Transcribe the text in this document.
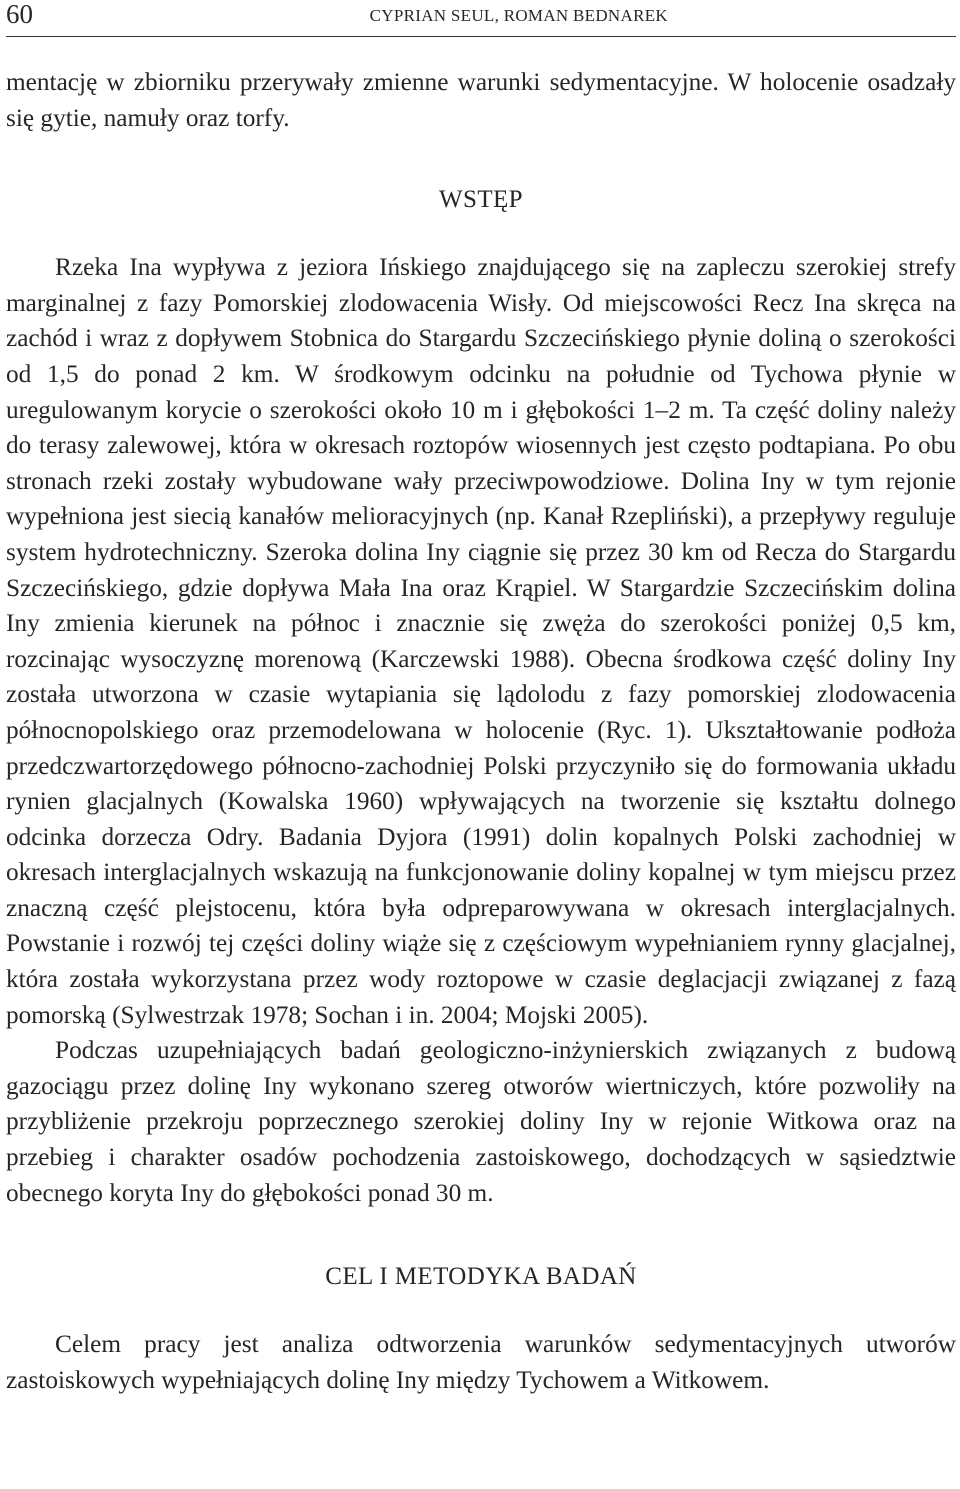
60	CYPRIAN SEUL, ROMAN BEDNAREK

mentację w zbiorniku przerywały zmienne warunki sedymentacyjne. W holocenie osadzały się gytie, namuły oraz torfy.

WSTĘP

Rzeka Ina wypływa z jeziora Ińskiego znajdującego się na zapleczu szerokiej strefy marginalnej z fazy Pomorskiej zlodowacenia Wisły. Od miejscowości Recz Ina skręca na zachód i wraz z dopływem Stobnica do Stargardu Szczecińskiego płynie doliną o szerokości od 1,5 do ponad 2 km. W środkowym odcinku na południe od Tychowa płynie w uregulowanym korycie o szerokości około 10 m i głębokości 1–2 m. Ta część doliny należy do terasy zalewowej, która w okresach roztopów wiosennych jest często podtapiana. Po obu stronach rzeki zostały wybudowane wały przeciwpowodziowe. Dolina Iny w tym rejonie wypełniona jest siecią kanałów melioracyjnych (np. Kanał Rzepliński), a przepływy reguluje system hydrotechniczny. Szeroka dolina Iny ciągnie się przez 30 km od Recza do Stargardu Szczecińskiego, gdzie dopływa Mała Ina oraz Krąpiel. W Stargardzie Szczecińskim dolina Iny zmienia kierunek na północ i znacznie się zwęża do szerokości poniżej 0,5 km, rozcinając wysoczyznę morenową (Karczewski 1988). Obecna środkowa część doliny Iny została utworzona w czasie wytapiania się lądolodu z fazy pomorskiej zlodowacenia północnopolskiego oraz przemodelowana w holocenie (Ryc. 1). Ukształtowanie podłoża przedczwartorzędowego północno-zachodniej Polski przyczyniło się do formowania układu rynien glacjalnych (Kowalska 1960) wpływających na tworzenie się kształtu dolnego odcinka dorzecza Odry. Badania Dyjora (1991) dolin kopalnych Polski zachodniej w okresach interglacjalnych wskazują na funkcjonowanie doliny kopalnej w tym miejscu przez znaczną część plejstocenu, która była odpreparowywana w okresach interglacjalnych. Powstanie i rozwój tej części doliny wiąże się z częściowym wypełnianiem rynny glacjalnej, która została wykorzystana przez wody roztopowe w czasie deglacjacji związanej z fazą pomorską (Sylwestrzak 1978; Sochan i in. 2004; Mojski 2005).

Podczas uzupełniających badań geologiczno-inżynierskich związanych z budową gazociągu przez dolinę Iny wykonano szereg otworów wiertniczych, które pozwoliły na przybliżenie przekroju poprzecznego szerokiej doliny Iny w rejonie Witkowa oraz na przebieg i charakter osadów pochodzenia zastoiskowego, dochodzących w sąsiedztwie obecnego koryta Iny do głębokości ponad 30 m.

CEL I METODYKA BADAŃ

Celem pracy jest analiza odtworzenia warunków sedymentacyjnych utworów zastoiskowych wypełniających dolinę Iny między Tychowem a Witkowem.
